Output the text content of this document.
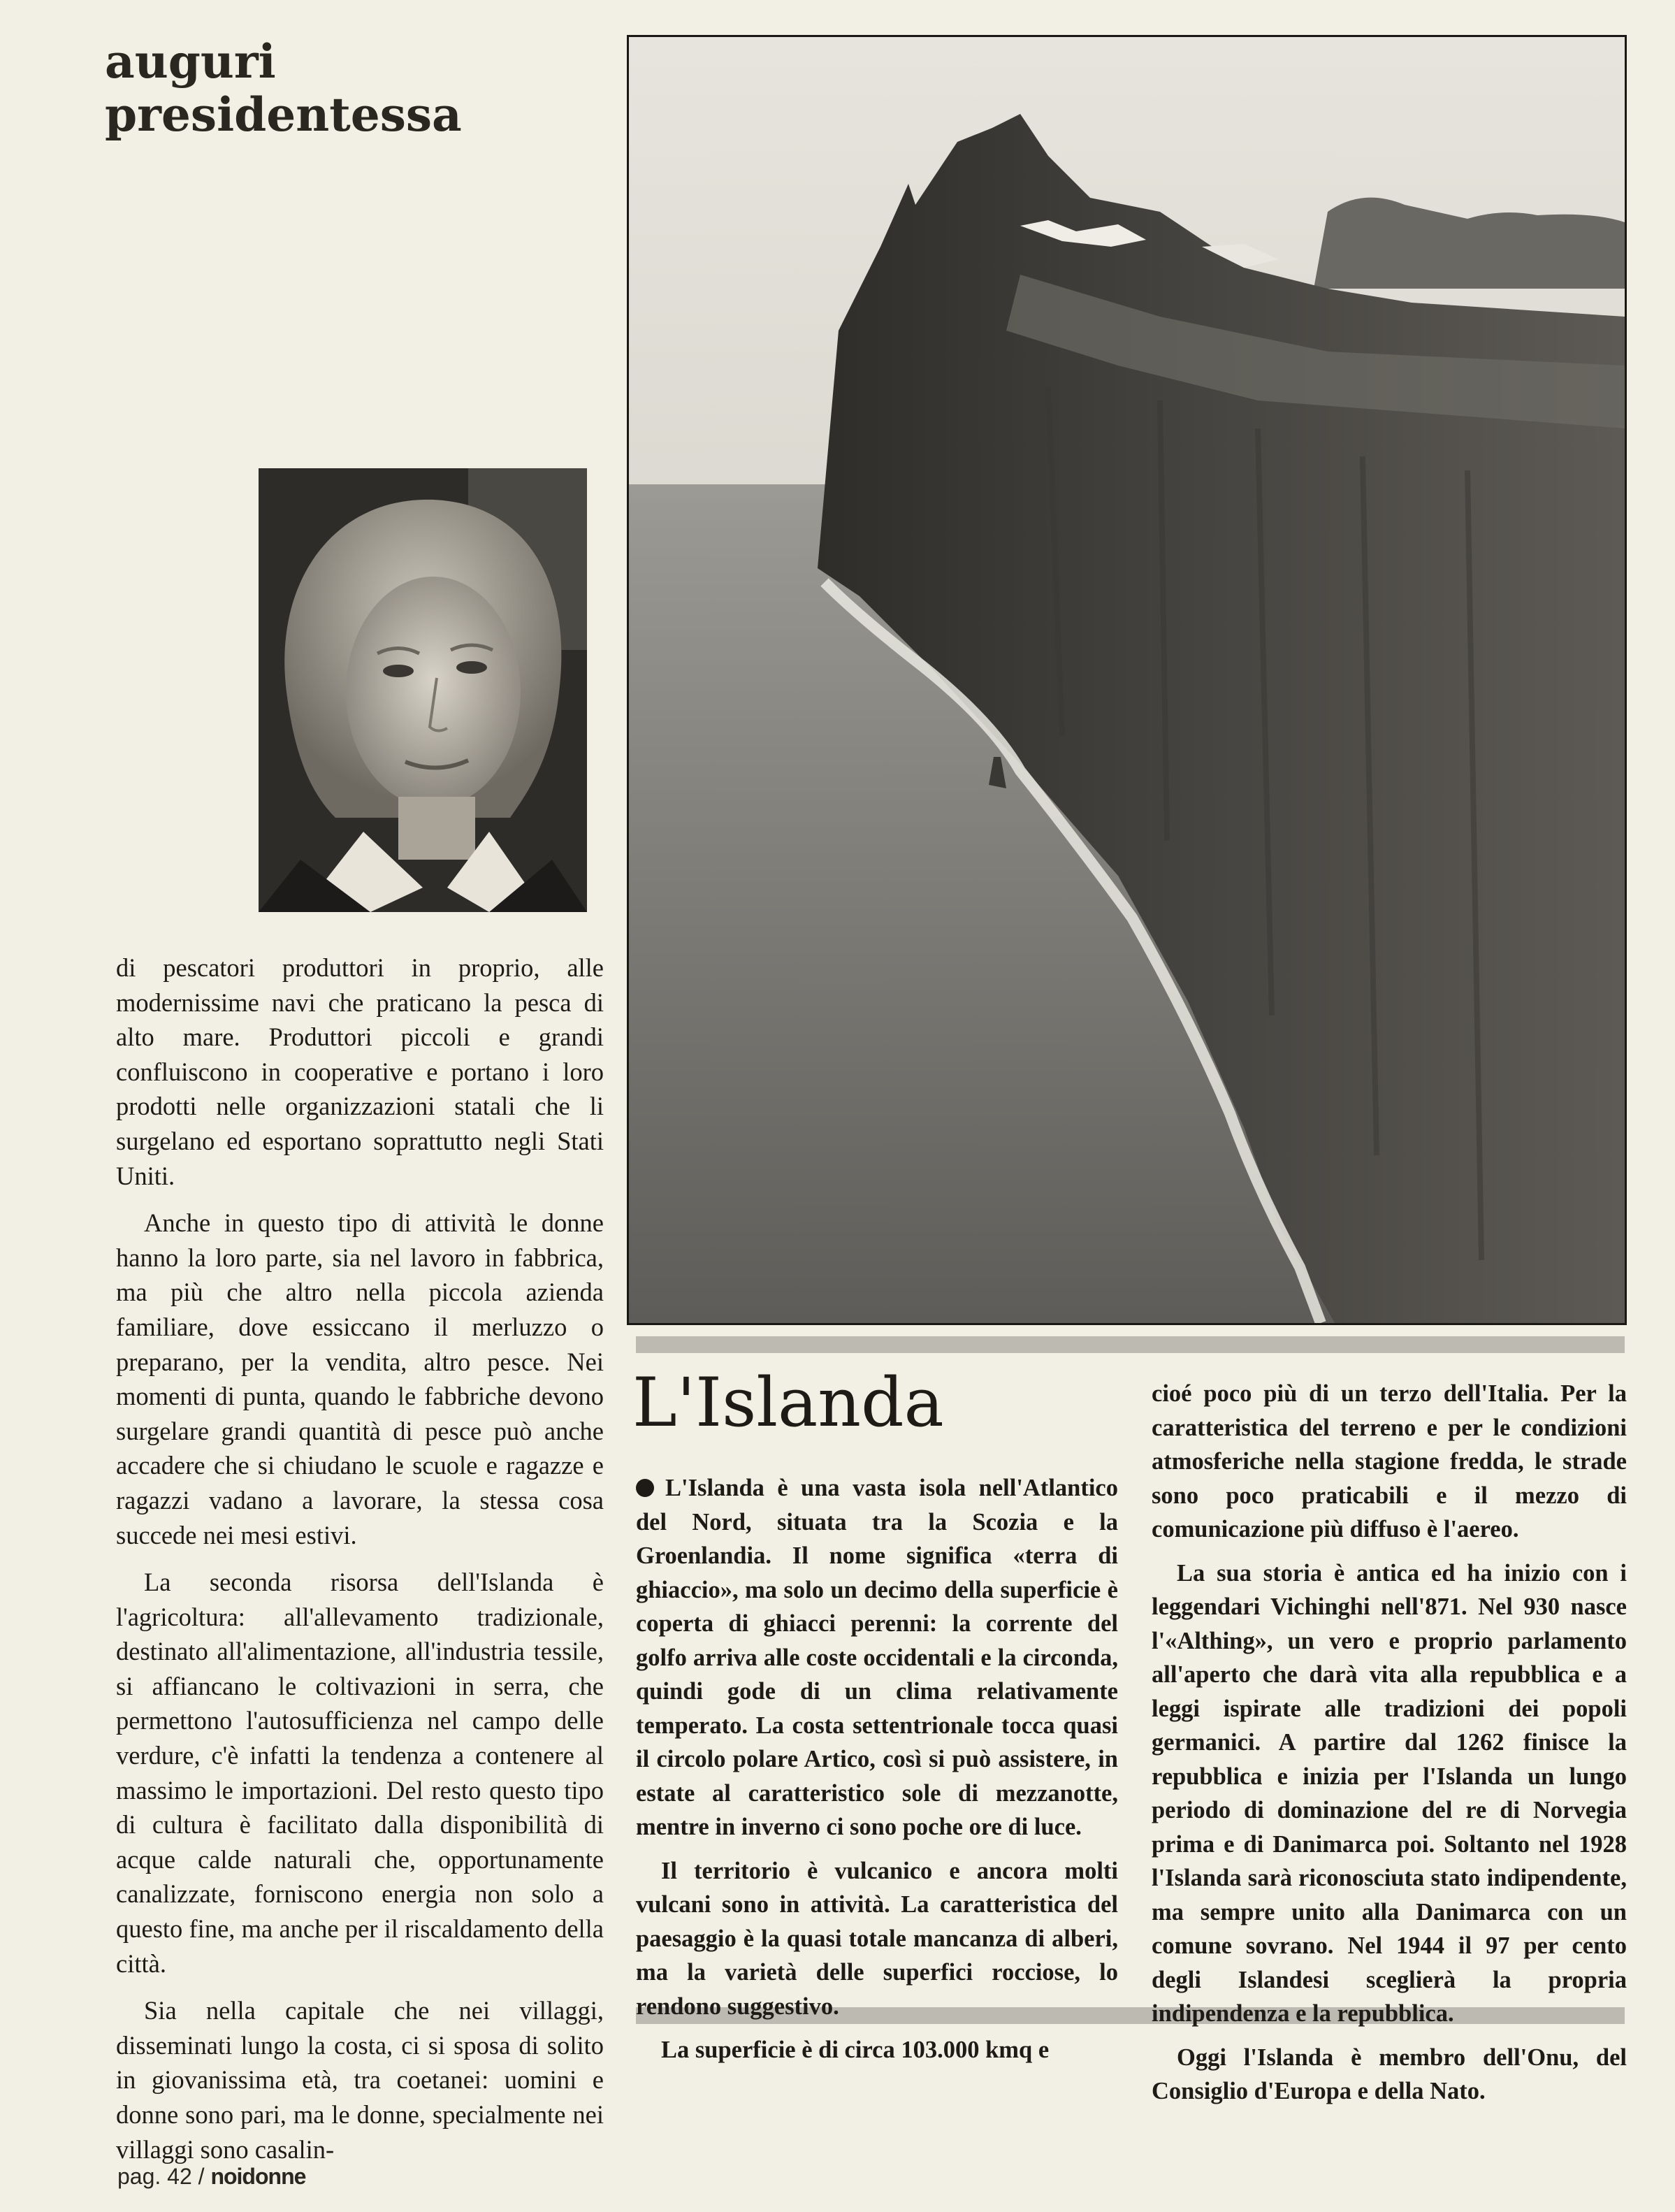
auguri

presidentessa

di pescatori produttori in proprio, alle modernissime navi che praticano la pesca di alto mare. Produttori piccoli e grandi confluiscono in cooperative e portano i loro prodotti nelle organizzazioni statali che li surgelano ed esportano soprattutto negli Stati Uniti.

Anche in questo tipo di attività le donne hanno la loro parte, sia nel lavoro in fabbrica, ma più che altro nella piccola azienda familiare, dove essiccano il merluzzo o preparano, per la vendita, altro pesce. Nei momenti di punta, quando le fabbriche devono surgelare grandi quantità di pesce può anche accadere che si chiudano le scuole e ragazze e ragazzi vadano a lavorare, la stessa cosa succede nei mesi estivi.

La seconda risorsa dell'Islanda è l'agricoltura: all'allevamento tradizionale, destinato all'alimentazione, all'industria tessile, si affiancano le coltivazioni in serra, che permettono l'autosufficienza nel campo delle verdure, c'è infatti la tendenza a contenere al massimo le importazioni. Del resto questo tipo di cultura è facilitato dalla disponibilità di acque calde naturali che, opportunamente canalizzate, forniscono energia non solo a questo fine, ma anche per il riscaldamento della città.

Sia nella capitale che nei villaggi, disseminati lungo la costa, ci si sposa di solito in giovanissima età, tra coetanei: uomini e donne sono pari, ma le donne, specialmente nei villaggi sono casalin-

L'Islanda

L'Islanda è una vasta isola nell'Atlantico del Nord, situata tra la Scozia e la Groenlandia. Il nome significa «terra di ghiaccio», ma solo un decimo della superficie è coperta di ghiacci perenni: la corrente del golfo arriva alle coste occidentali e la circonda, quindi gode di un clima relativamente temperato. La costa settentrionale tocca quasi il circolo polare Artico, così si può assistere, in estate al caratteristico sole di mezzanotte, mentre in inverno ci sono poche ore di luce.

Il territorio è vulcanico e ancora molti vulcani sono in attività. La caratteristica del paesaggio è la quasi totale mancanza di alberi, ma la varietà delle superfici rocciose, lo rendono suggestivo.

La superficie è di circa 103.000 kmq e

cioé poco più di un terzo dell'Italia. Per la caratteristica del terreno e per le condizioni atmosferiche nella stagione fredda, le strade sono poco praticabili e il mezzo di comunicazione più diffuso è l'aereo.

La sua storia è antica ed ha inizio con i leggendari Vichinghi nell'871. Nel 930 nasce l'«Althing», un vero e proprio parlamento all'aperto che darà vita alla repubblica e a leggi ispirate alle tradizioni dei popoli germanici. A partire dal 1262 finisce la repubblica e inizia per l'Islanda un lungo periodo di dominazione del re di Norvegia prima e di Danimarca poi. Soltanto nel 1928 l'Islanda sarà riconosciuta stato indipendente, ma sempre unito alla Danimarca con un comune sovrano. Nel 1944 il 97 per cento degli Islandesi sceglierà la propria indipendenza e la repubblica.

Oggi l'Islanda è membro dell'Onu, del Consiglio d'Europa e della Nato.

pag. 42 / noidonne
